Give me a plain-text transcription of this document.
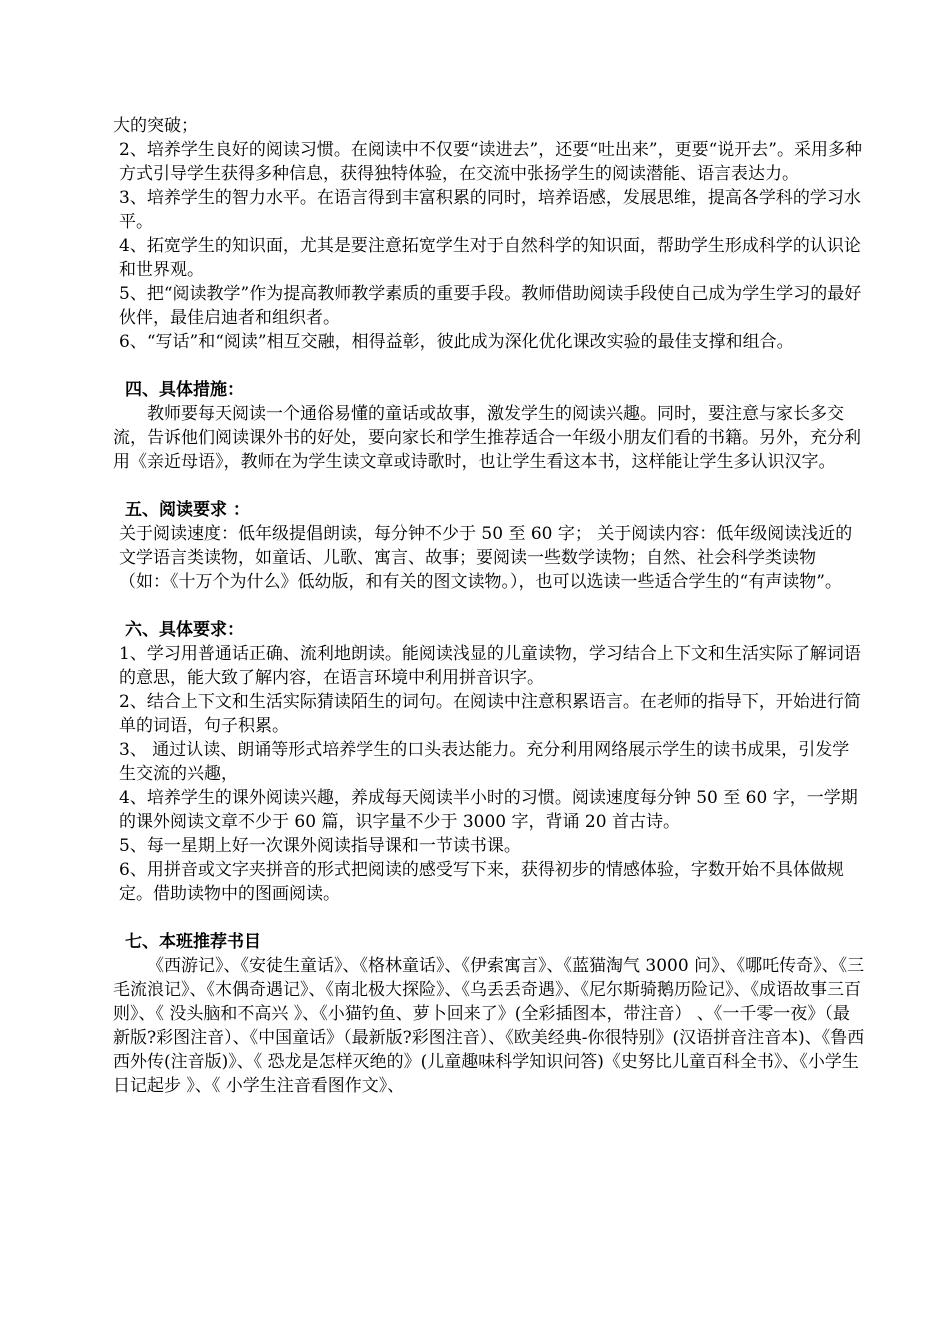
大的突破；

2、培养学生良好的阅读习惯。在阅读中不仅要“读进去”，还要“吐出来”，更要“说开去”。采用多种方式引导学生获得多种信息，获得独特体验，在交流中张扬学生的阅读潜能、语言表达力。

3、培养学生的智力水平。在语言得到丰富积累的同时，培养语感，发展思维，提高各学科的学习水平。

4、拓宽学生的知识面，尤其是要注意拓宽学生对于自然科学的知识面，帮助学生形成科学的认识论和世界观。

5、把“阅读教学”作为提高教师教学素质的重要手段。教师借助阅读手段使自己成为学生学习的最好伙伴，最佳启迪者和组织者。

6、“写话”和“阅读”相互交融，相得益彰，彼此成为深化优化课改实验的最佳支撑和组合。

四、具体措施：

教师要每天阅读一个通俗易懂的童话或故事，激发学生的阅读兴趣。同时，要注意与家长多交流，告诉他们阅读课外书的好处，要向家长和学生推荐适合一年级小朋友们看的书籍。另外，充分利用《亲近母语》，教师在为学生读文章或诗歌时，也让学生看这本书，这样能让学生多认识汉字。

五、阅读要求 ：

关于阅读速度：低年级提倡朗读，每分钟不少于 50 至 60 字； 关于阅读内容：低年级阅读浅近的文学语言类读物，如童话、儿歌、寓言、故事；要阅读一些数学读物；自然、社会科学类读物（如：《十万个为什么》低幼版，和有关的图文读物。），也可以选读一些适合学生的“有声读物”。

六、具体要求：

1、学习用普通话正确、流利地朗读。能阅读浅显的儿童读物，学习结合上下文和生活实际了解词语的意思，能大致了解内容，在语言环境中利用拼音识字。

2、结合上下文和生活实际猜读陌生的词句。在阅读中注意积累语言。在老师的指导下，开始进行简单的词语，句子积累。

3、 通过认读、朗诵等形式培养学生的口头表达能力。充分利用网络展示学生的读书成果，引发学生交流的兴趣，

4、培养学生的课外阅读兴趣，养成每天阅读半小时的习惯。阅读速度每分钟 50 至 60 字，一学期的课外阅读文章不少于 60 篇，识字量不少于 3000 字，背诵 20 首古诗。

5、每一星期上好一次课外阅读指导课和一节读书课。

6、用拼音或文字夹拼音的形式把阅读的感受写下来，获得初步的情感体验，字数开始不具体做规定。借助读物中的图画阅读。

七、本班推荐书目

《西游记》、《安徒生童话》、《格林童话》、《伊索寓言》、《蓝猫淘气 3000 问》、《哪吒传奇》、《三毛流浪记》、《木偶奇遇记》、《南北极大探险》、《乌丢丢奇遇》、《尼尔斯骑鹅历险记》、《成语故事三百则》、《 没头脑和不高兴 》、《小猫钓鱼、萝卜回来了》(全彩插图本，带注音） 、《一千零一夜》（最新版?彩图注音）、《中国童话》（最新版?彩图注音）、《欧美经典-你很特别》(汉语拼音注音本)、《鲁西西外传(注音版)》、《 恐龙是怎样灭绝的》(儿童趣味科学知识问答)《史努比儿童百科全书》、《小学生日记起步 》、《 小学生注音看图作文》、
